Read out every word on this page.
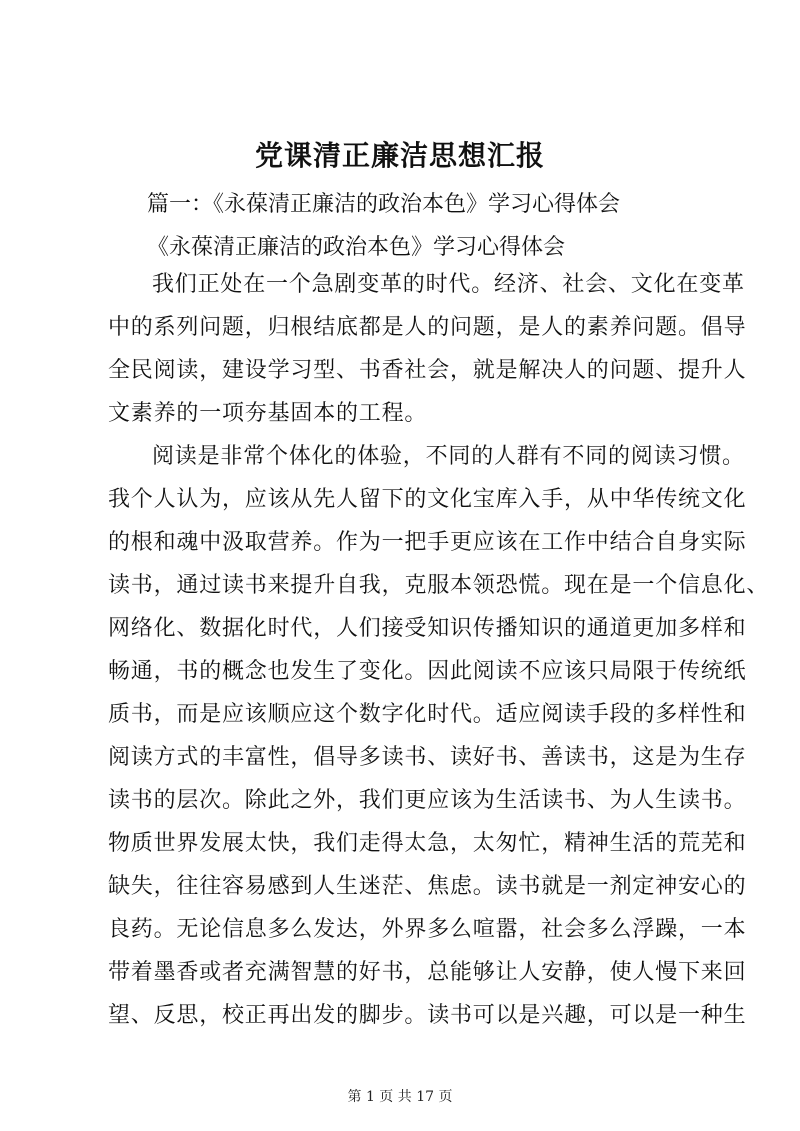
党课清正廉洁思想汇报
篇一：《永葆清正廉洁的政治本色》学习心得体会
《永葆清正廉洁的政治本色》学习心得体会
我们正处在一个急剧变革的时代。经济、社会、文化在变革
中的系列问题，归根结底都是人的问题，是人的素养问题。倡导
全民阅读，建设学习型、书香社会，就是解决人的问题、提升人
文素养的一项夯基固本的工程。
阅读是非常个体化的体验，不同的人群有不同的阅读习惯。
我个人认为，应该从先人留下的文化宝库入手，从中华传统文化
的根和魂中汲取营养。作为一把手更应该在工作中结合自身实际
读书，通过读书来提升自我，克服本领恐慌。现在是一个信息化、
网络化、数据化时代，人们接受知识传播知识的通道更加多样和
畅通，书的概念也发生了变化。因此阅读不应该只局限于传统纸
质书，而是应该顺应这个数字化时代。适应阅读手段的多样性和
阅读方式的丰富性，倡导多读书、读好书、善读书，这是为生存
读书的层次。除此之外，我们更应该为生活读书、为人生读书。
物质世界发展太快，我们走得太急，太匆忙，精神生活的荒芜和
缺失，往往容易感到人生迷茫、焦虑。读书就是一剂定神安心的
良药。无论信息多么发达，外界多么喧嚣，社会多么浮躁，一本
带着墨香或者充满智慧的好书，总能够让人安静，使人慢下来回
望、反思，校正再出发的脚步。读书可以是兴趣，可以是一种生
第 1 页 共 17 页
